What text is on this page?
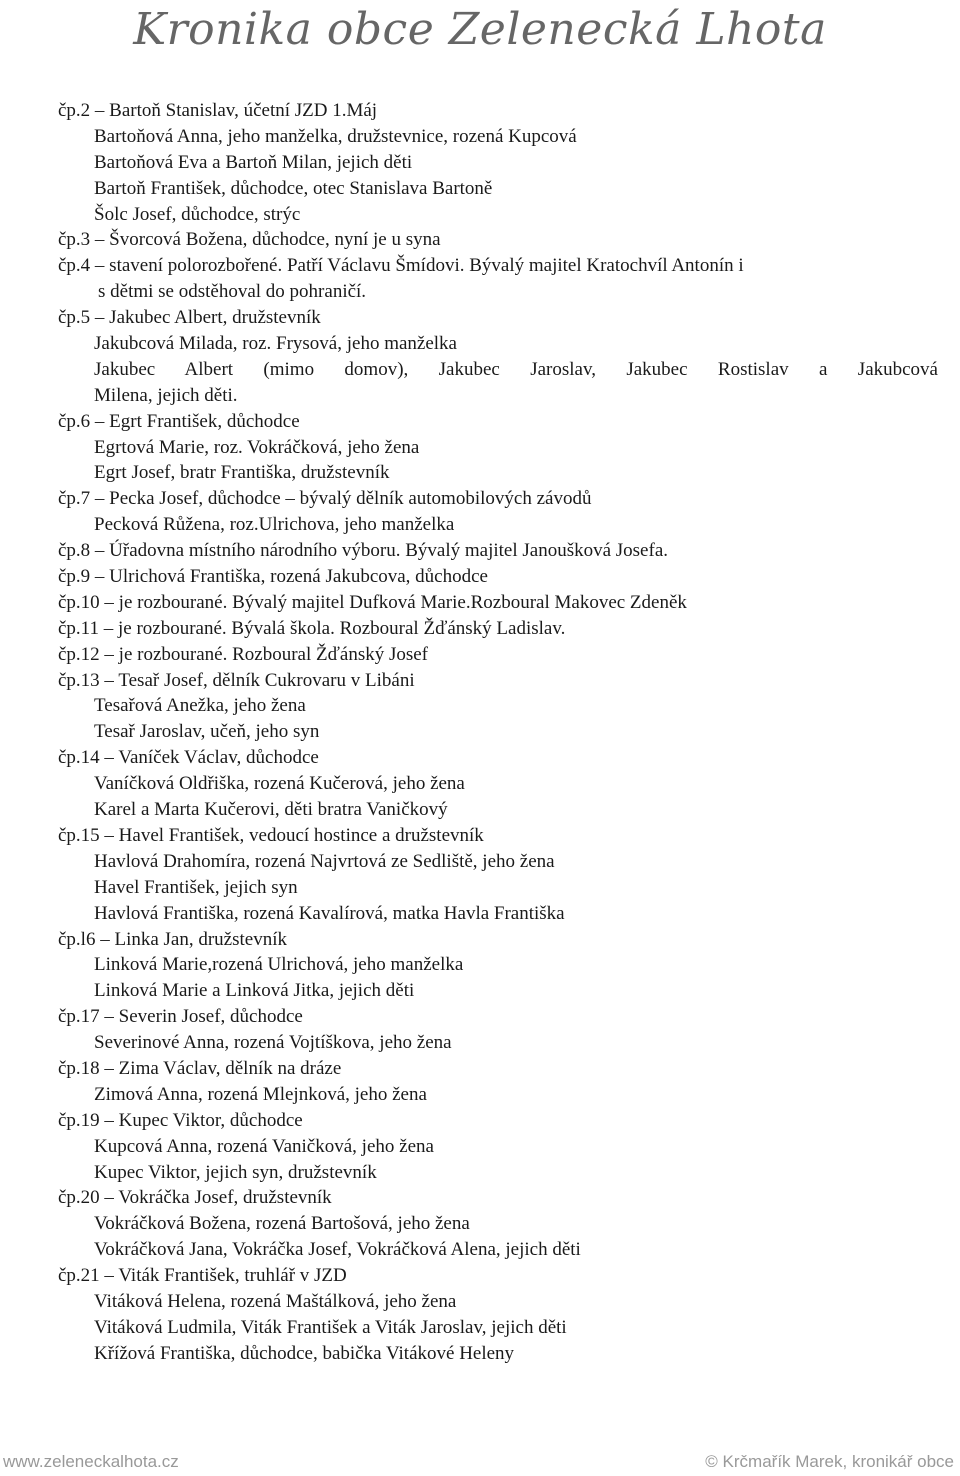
Kronika obce Zelenecká Lhota
čp.2 – Bartoň Stanislav, účetní JZD 1.Máj
Bartoňová Anna, jeho manželka, družstevnice, rozená Kupcová
Bartoňová Eva a Bartoň Milan, jejich děti
Bartoň František, důchodce, otec Stanislava Bartoně
Šolc Josef, důchodce, strýc
čp.3 – Švorcová Božena, důchodce, nyní je u syna
čp.4 – stavení polorozbořené. Patří Václavu Šmídovi. Bývalý majitel Kratochvíl Antonín i
s dětmi se odstěhoval do pohraničí.
čp.5 – Jakubec Albert, družstevník
Jakubcová Milada, roz. Frysová, jeho manželka
Jakubec Albert (mimo domov), Jakubec Jaroslav, Jakubec Rostislav a Jakubcová
Milena, jejich děti.
čp.6 – Egrt František, důchodce
Egrtová Marie, roz. Vokráčková, jeho žena
Egrt Josef, bratr Františka, družstevník
čp.7 – Pecka Josef, důchodce – bývalý dělník automobilových závodů
Pecková Růžena, roz.Ulrichova, jeho manželka
čp.8 – Úřadovna místního národního výboru. Bývalý majitel Janoušková Josefa.
čp.9 – Ulrichová Františka, rozená Jakubcova, důchodce
čp.10 – je rozbourané. Bývalý majitel Dufková Marie.Rozboural Makovec Zdeněk
čp.11 – je rozbourané. Bývalá škola. Rozboural Žďánský Ladislav.
čp.12 – je rozbourané. Rozboural Žďánský Josef
čp.13 – Tesař Josef, dělník Cukrovaru v Libáni
Tesařová Anežka, jeho žena
Tesař Jaroslav, učeň, jeho syn
čp.14 – Vaníček Václav, důchodce
Vaníčková Oldřiška, rozená Kučerová, jeho žena
Karel a Marta Kučerovi, děti bratra Vaničkový
čp.15 – Havel František, vedoucí hostince a družstevník
Havlová Drahomíra, rozená Najvrtová ze Sedliště, jeho žena
Havel František, jejich syn
Havlová Františka, rozená Kavalírová, matka Havla Františka
čp.l6 – Linka Jan, družstevník
Linková Marie,rozená Ulrichová, jeho manželka
Linková Marie a Linková Jitka, jejich děti
čp.17 – Severin Josef, důchodce
Severinové Anna, rozená Vojtíškova, jeho žena
čp.18 – Zima Václav, dělník na dráze
Zimová Anna, rozená Mlejnková, jeho žena
čp.19 – Kupec Viktor, důchodce
Kupcová Anna, rozená Vaničková, jeho žena
Kupec Viktor, jejich syn, družstevník
čp.20 – Vokráčka Josef, družstevník
Vokráčková Božena, rozená Bartošová, jeho žena
Vokráčková Jana, Vokráčka Josef, Vokráčková Alena, jejich děti
čp.21 – Viták František, truhlář v JZD
Vitáková Helena, rozená Maštálková, jeho žena
Vitáková Ludmila, Viták František a Viták Jaroslav, jejich děti
Křížová Františka, důchodce, babička Vitákové Heleny
www.zeleneckalhota.cz	© Krčmařík Marek, kronikář obce
